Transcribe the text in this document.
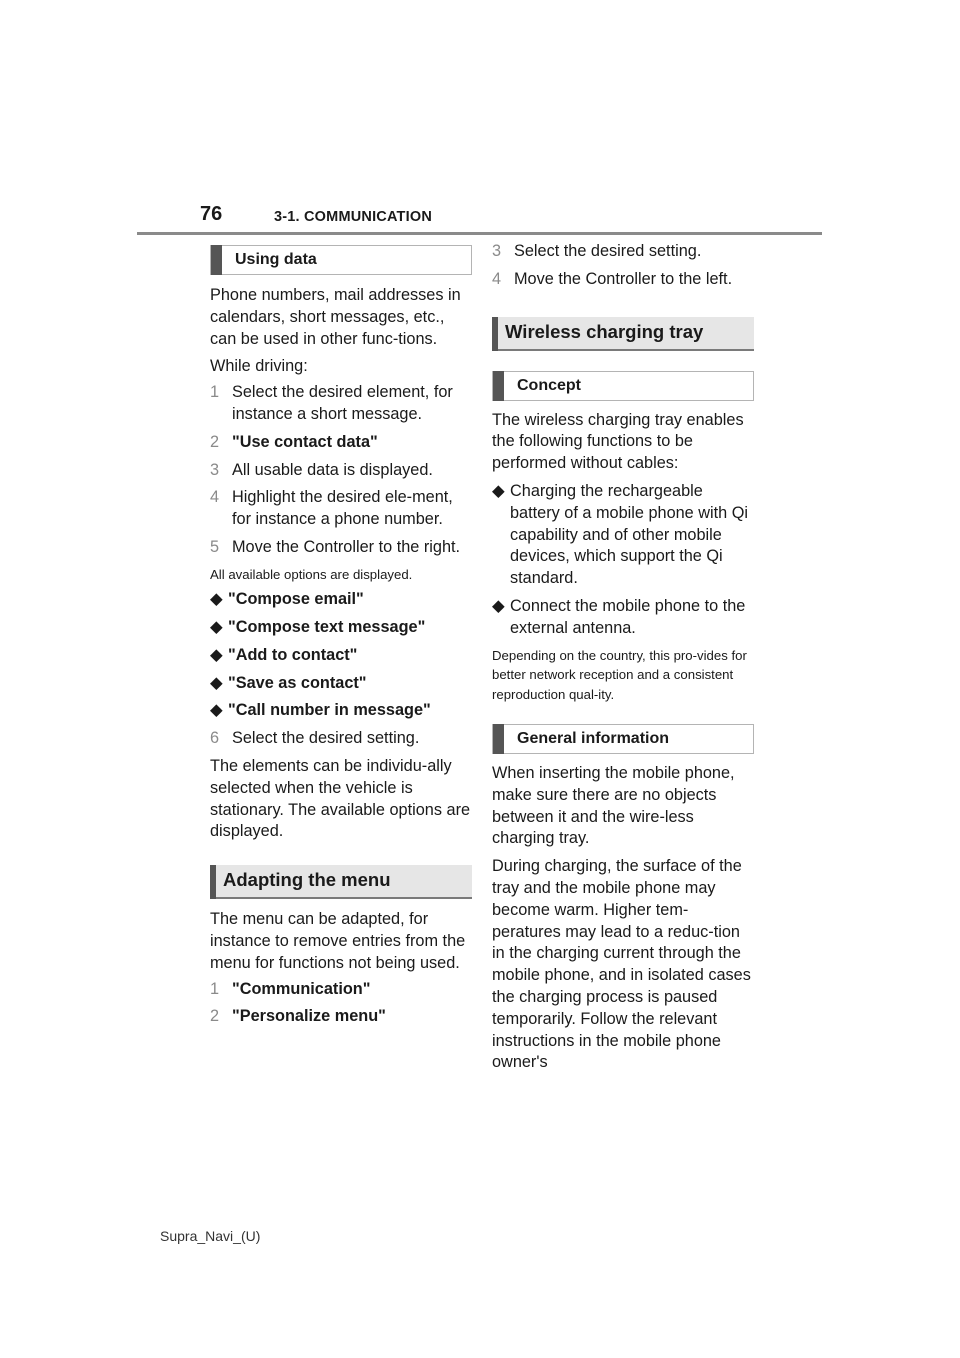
76	3-1. COMMUNICATION
Using data

Phone numbers, mail addresses in calendars, short messages, etc., can be used in other func-tions.

While driving:

1 Select the desired element, for instance a short message.
2 "Use contact data"
3 All usable data is displayed.
4 Highlight the desired ele-ment, for instance a phone number.
5 Move the Controller to the right.

All available options are displayed.

◆ "Compose email"
◆ "Compose text message"
◆ "Add to contact"
◆ "Save as contact"
◆ "Call number in message"
6 Select the desired setting.

The elements can be individu-ally selected when the vehicle is stationary. The available options are displayed.

Adapting the menu

The menu can be adapted, for instance to remove entries from the menu for functions not being used.

1 "Communication"
2 "Personalize menu"
3 Select the desired setting.
4 Move the Controller to the left.
Wireless charging tray
Concept

The wireless charging tray enables the following functions to be performed without cables:

◆ Charging the rechargeable battery of a mobile phone with Qi capability and of other mobile devices, which support the Qi standard.
◆ Connect the mobile phone to the external antenna.

Depending on the country, this pro-vides for better network reception and a consistent reproduction qual-ity.

General information

When inserting the mobile phone, make sure there are no objects between it and the wire-less charging tray.

During charging, the surface of the tray and the mobile phone may become warm. Higher tem-peratures may lead to a reduc-tion in the charging current through the mobile phone, and in isolated cases the charging process is paused temporarily. Follow the relevant instructions in the mobile phone owner's

Supra_Navi_(U)
